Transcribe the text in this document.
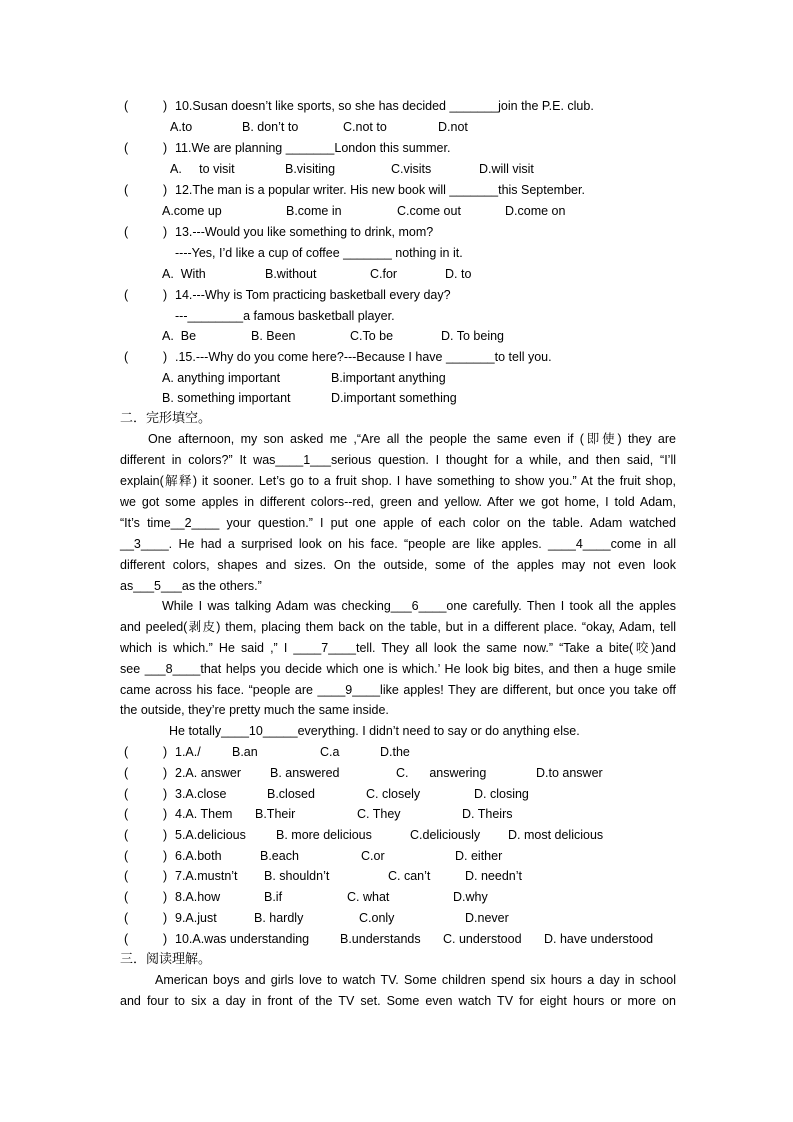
(	) 10.Susan doesn’t like sports, so she has decided _______join the P.E. club.
A.to	B. don’t to	C.not to	D.not
(	) 11.We are planning _______London this summer.
A.     to visit	B.visiting	C.visits	D.will visit
(	) 12.The man is a popular writer. His new book will _______this September.
A.come up	B.come in	C.come out	D.come on
(	) 13.---Would you like something to drink, mom?
----Yes, I’d like a cup of coffee _______ nothing in it.
A.  With	B.without	C.for	D. to
(	) 14.---Why is Tom practicing basketball every day?
---________a famous basketball player.
A.  Be	B. Been	C.To be	D. To being
(	) .15.---Why do you come here?---Because I have _______to tell you.
A. anything important	B.important anything
B. something important	D.important something
二．完形填空。
One afternoon, my son asked me ,“Are all the people the same even if (即使) they are
different in colors?” It was____1___serious question. I thought for a while, and then said, “I’ll
explain(解释) it sooner. Let’s go to a fruit shop. I have something to show you.” At the fruit shop,
we got some apples in different colors--red, green and yellow. After we got home, I told Adam,
“It’s time__2____ your question.” I put one apple of each color on the table. Adam watched
__3____. He had a surprised look on his face. “people are like apples. ____4____come in all
different colors, shapes and sizes. On the outside, some of the apples may not even look
as___5___as the others.”
While I was talking Adam was checking___6____one carefully. Then I took all the apples
and peeled(剥皮) them, placing them back on the table, but in a different place. “okay, Adam, tell
which is which.” He said ,” I ____7____tell. They all look the same now.” “Take a bite(咬)and
see ___8____that helps you decide which one is which.’ He look big bites, and then a huge smile
came across his face. “people are ____9____like apples! They are different, but once you take off
the outside, they’re pretty much the same inside.
He totally____10_____everything. I didn’t need to say or do anything else.
(	) 1.A./	B.an	C.a	D.the
(	) 2.A. answer B. answered	C.      answering	D.to answer
(	) 3.A.close	B.closed	C. closely	D. closing
(	) 4.A. Them B.Their	C. They	D. Theirs
(	) 5.A.delicious B. more delicious	C.deliciously D. most delicious
(	) 6.A.both	B.each	C.or	D. either
(	) 7.A.mustn’t B. shouldn’t	C. can’t	D. needn’t
(	) 8.A.how	B.if	C. what	D.why
(	) 9.A.just	B. hardly	C.only	D.never
(	) 10.A.was understanding B.understands C. understood D. have understood
三．阅读理解。
American boys and girls love to watch TV. Some children spend six hours a day in school
and four to six a day in front of the TV set. Some even watch TV for eight hours or more on
